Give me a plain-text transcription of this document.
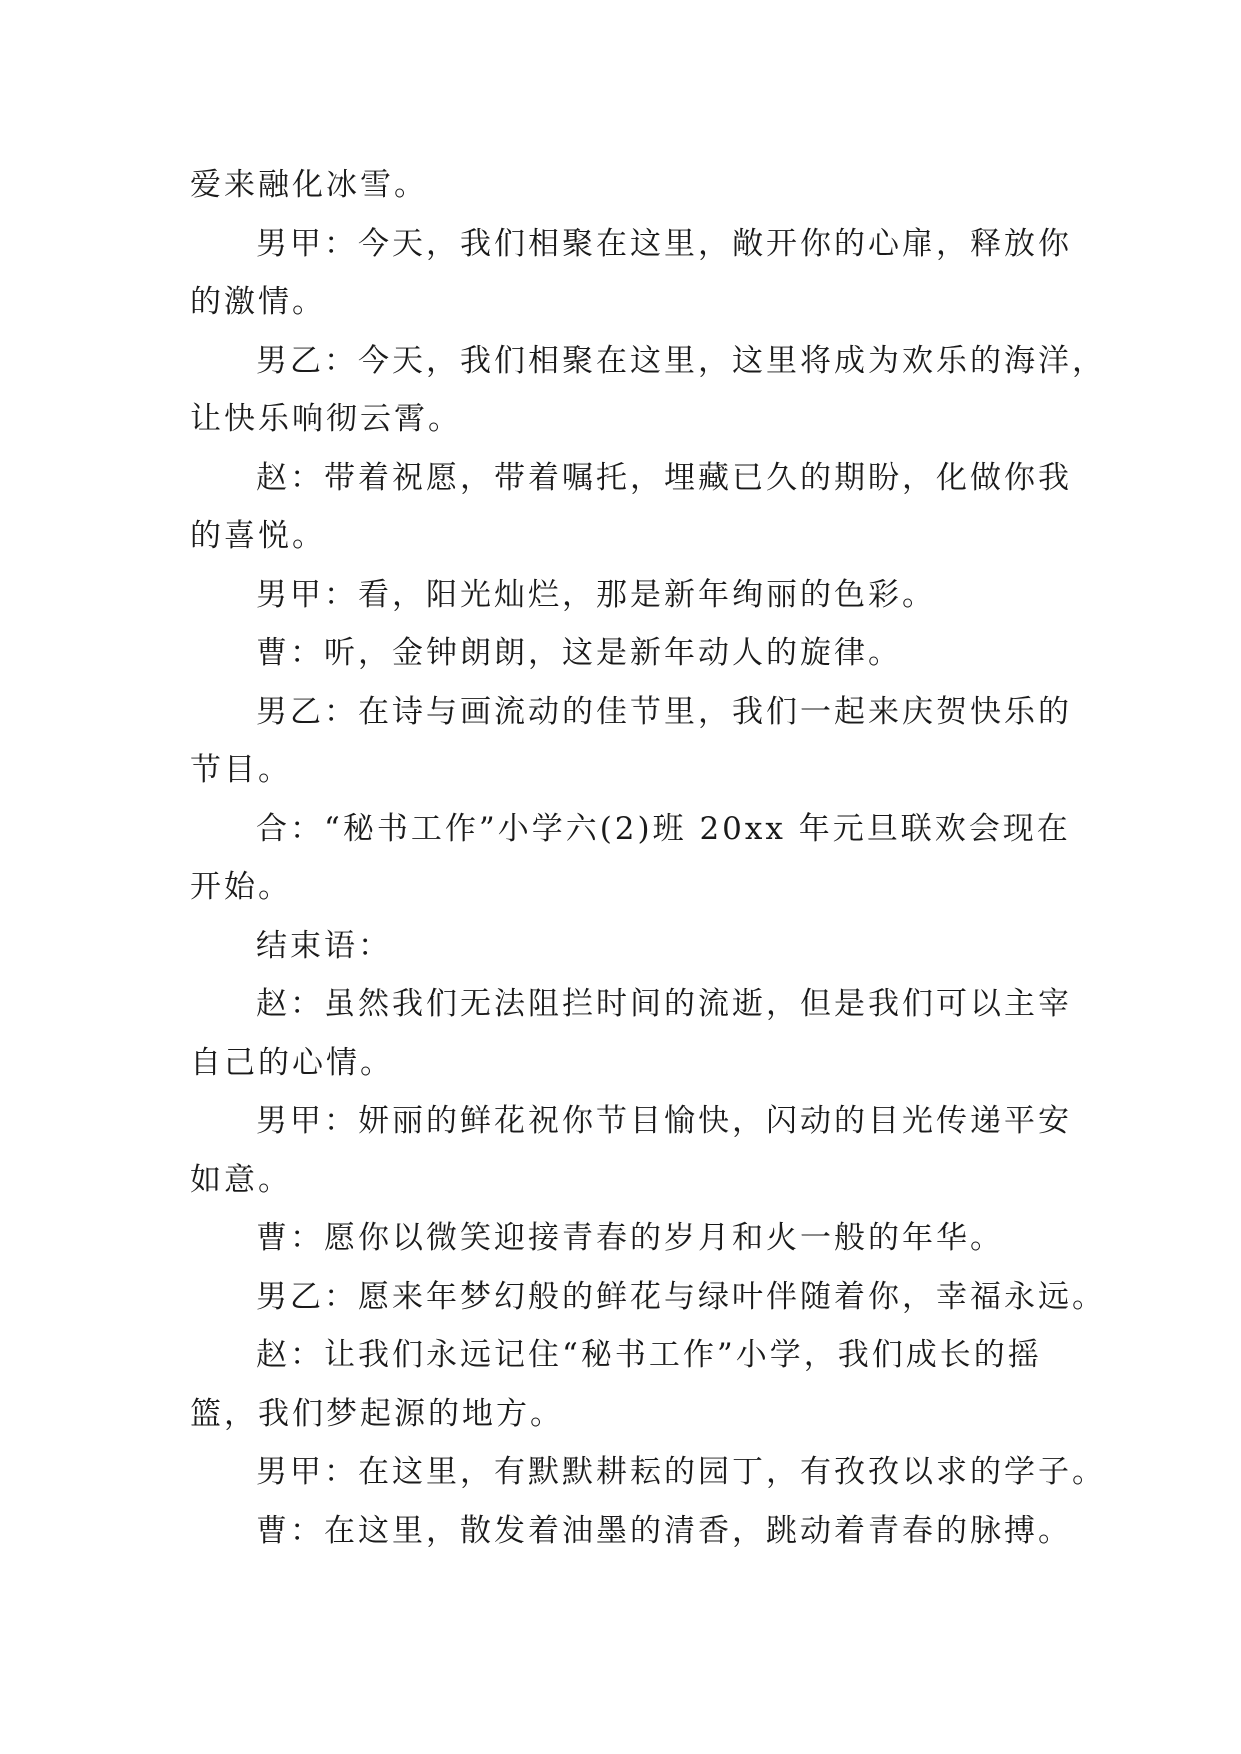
爱来融化冰雪。
男甲：今天，我们相聚在这里，敞开你的心扉，释放你
的激情。
男乙：今天，我们相聚在这里，这里将成为欢乐的海洋，
让快乐响彻云霄。
赵：带着祝愿，带着嘱托，埋藏已久的期盼，化做你我
的喜悦。
男甲：看，阳光灿烂，那是新年绚丽的色彩。
曹：听，金钟朗朗，这是新年动人的旋律。
男乙：在诗与画流动的佳节里，我们一起来庆贺快乐的
节目。
合：“秘书工作”小学六(2)班 20xx 年元旦联欢会现在
开始。
结束语：
赵：虽然我们无法阻拦时间的流逝，但是我们可以主宰
自己的心情。
男甲：妍丽的鲜花祝你节目愉快，闪动的目光传递平安
如意。
曹：愿你以微笑迎接青春的岁月和火一般的年华。
男乙：愿来年梦幻般的鲜花与绿叶伴随着你，幸福永远。
赵：让我们永远记住“秘书工作”小学，我们成长的摇
篮，我们梦起源的地方。
男甲：在这里，有默默耕耘的园丁，有孜孜以求的学子。
曹：在这里，散发着油墨的清香，跳动着青春的脉搏。
